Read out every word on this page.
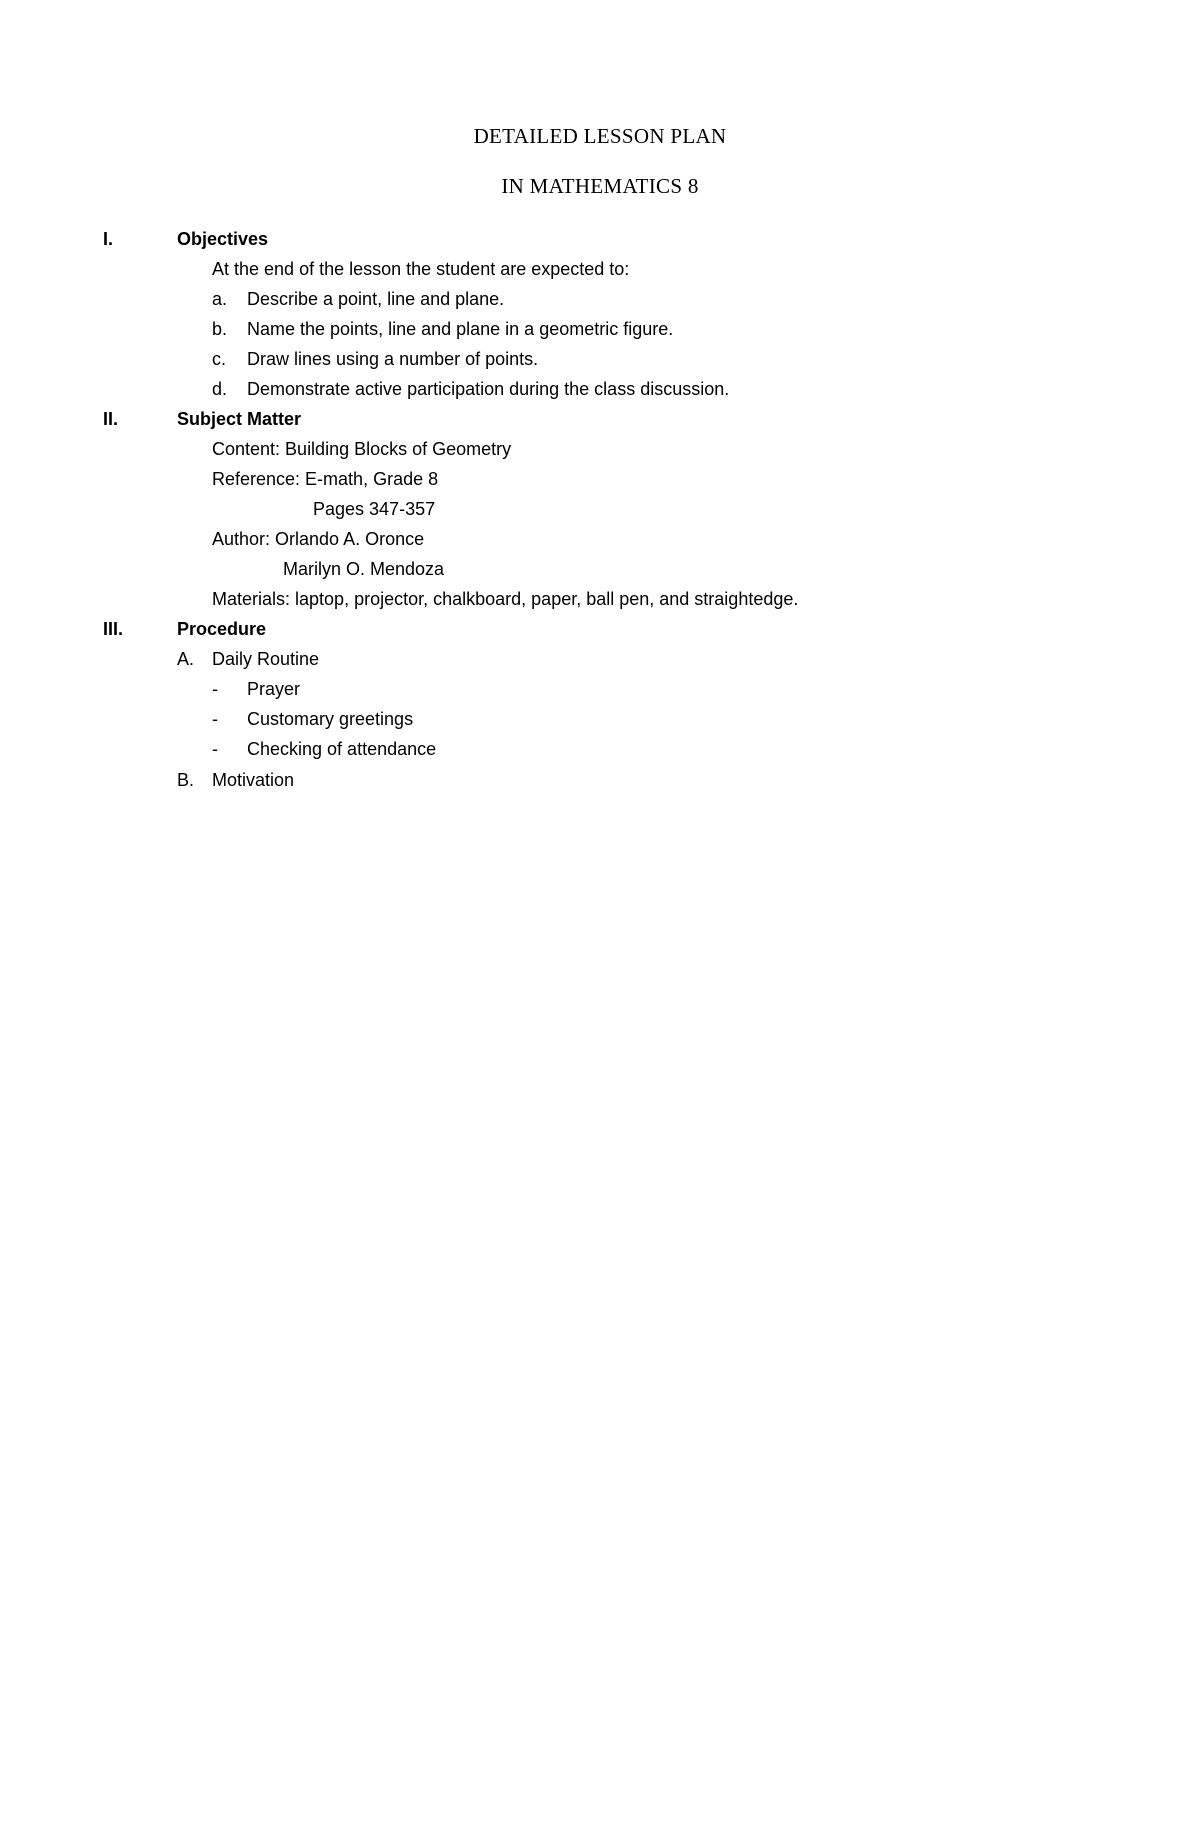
DETAILED LESSON PLAN
IN MATHEMATICS 8
I.	Objectives
At the end of the lesson the student are expected to:
a. Describe a point, line and plane.
b. Name the points, line and plane in a geometric figure.
c. Draw lines using a number of points.
d. Demonstrate active participation during the class discussion.
II.	Subject Matter
Content: Building Blocks of Geometry
Reference: E-math, Grade 8
Pages 347-357
Author: Orlando A. Oronce
Marilyn O. Mendoza
Materials: laptop, projector, chalkboard, paper, ball pen, and straightedge.
III.	Procedure
A. Daily Routine
- Prayer
- Customary greetings
- Checking of attendance
B. Motivation
